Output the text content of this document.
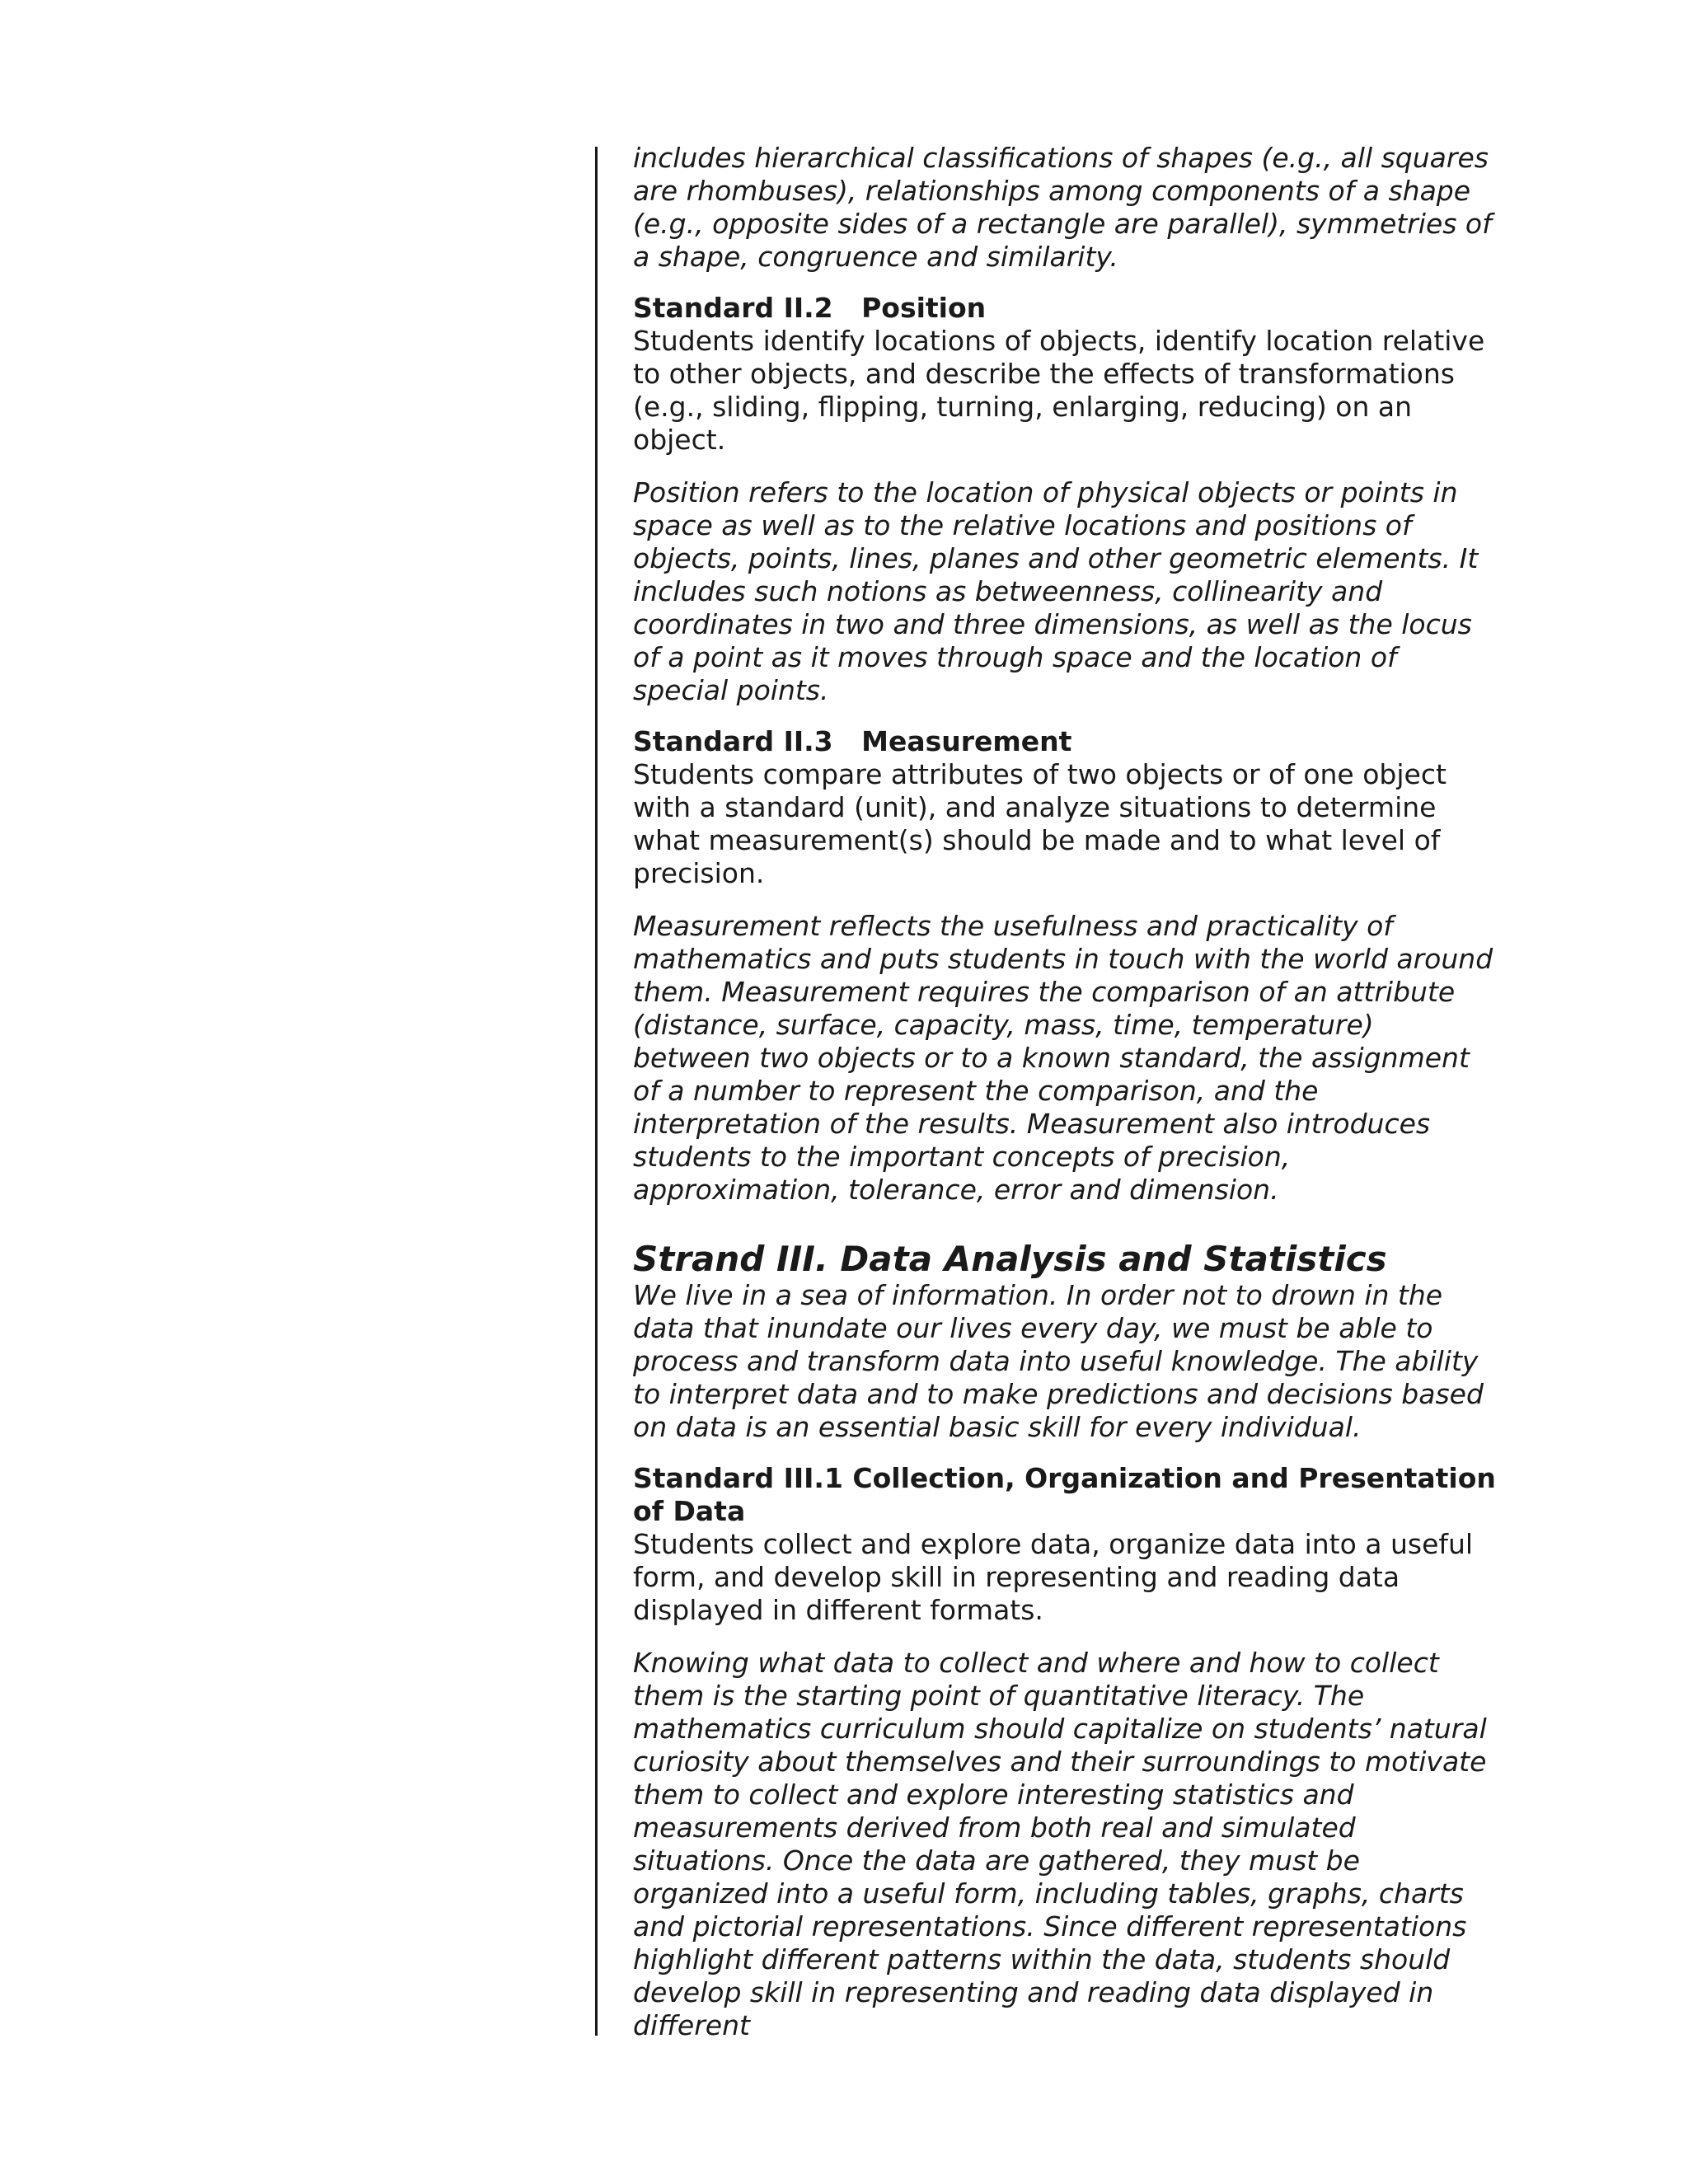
includes hierarchical classifications of shapes (e.g., all squares are rhombuses), relationships among components of a shape (e.g., opposite sides of a rectangle are parallel), symmetries of a shape, congruence and similarity.

Standard II.2   Position

Students identify locations of objects, identify location relative to other objects, and describe the effects of transformations (e.g., sliding, flipping, turning, enlarging, reducing) on an object.

Position refers to the location of physical objects or points in space as well as to the relative locations and positions of objects, points, lines, planes and other geometric elements. It includes such notions as betweenness, collinearity and coordinates in two and three dimensions, as well as the locus of a point as it moves through space and the location of special points.

Standard II.3   Measurement

Students compare attributes of two objects or of one object with a standard (unit), and analyze situations to determine what measurement(s) should be made and to what level of precision.

Measurement reflects the usefulness and practicality of mathematics and puts students in touch with the world around them. Measurement requires the comparison of an attribute (distance, surface, capacity, mass, time, temperature) between two objects or to a known standard, the assignment of a number to represent the comparison, and the interpretation of the results. Measurement also introduces students to the important concepts of precision, approximation, tolerance, error and dimension.

Strand III. Data Analysis and Statistics

We live in a sea of information. In order not to drown in the data that inundate our lives every day, we must be able to process and transform data into useful knowledge. The ability to interpret data and to make predictions and decisions based on data is an essential basic skill for every individual.

Standard III.1 Collection, Organization and Presentation of Data

Students collect and explore data, organize data into a useful form, and develop skill in representing and reading data displayed in different formats.

Knowing what data to collect and where and how to collect them is the starting point of quantitative literacy. The mathematics curriculum should capitalize on students’ natural curiosity about themselves and their surroundings to motivate them to collect and explore interesting statistics and measurements derived from both real and simulated situations. Once the data are gathered, they must be organized into a useful form, including tables, graphs, charts and pictorial representations. Since different representations highlight different patterns within the data, students should develop skill in representing and reading data displayed in different
